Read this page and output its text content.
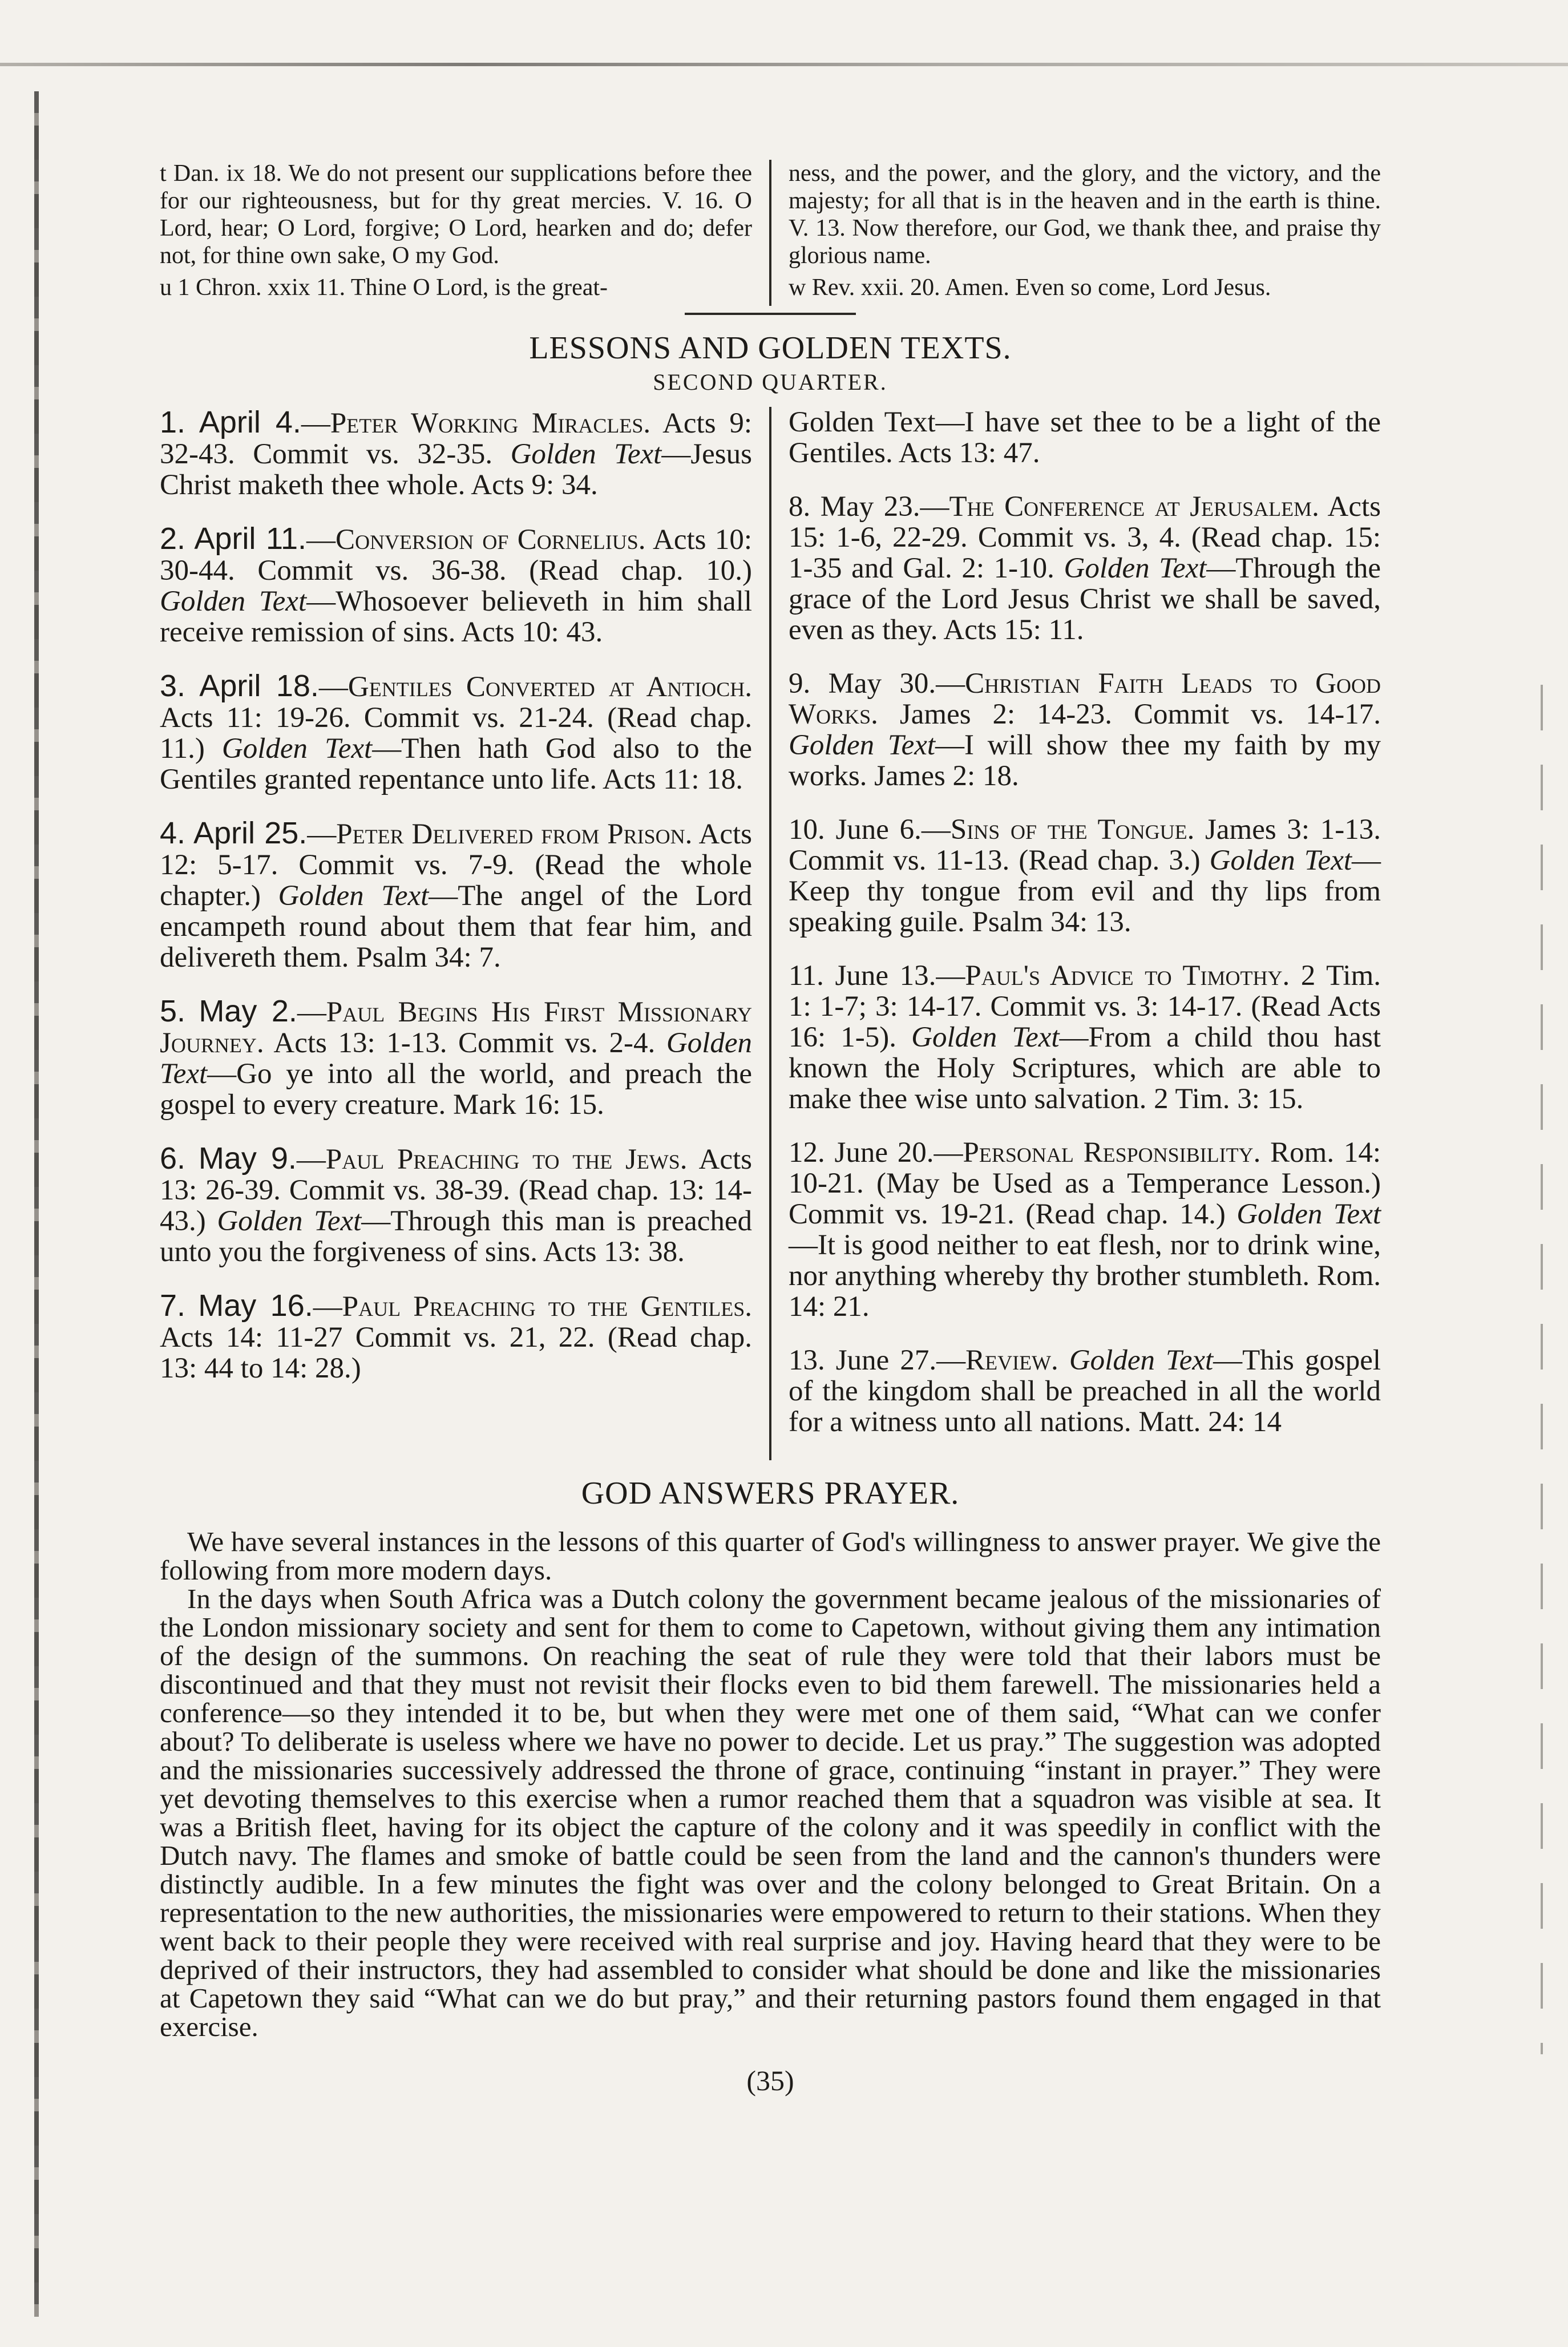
t Dan. ix 18. We do not present our supplications before thee for our righteousness, but for thy great mercies. V. 16. O Lord, hear; O Lord, forgive; O Lord, hearken and do; defer not, for thine own sake, O my God.

u 1 Chron. xxix 11. Thine O Lord, is the great-

ness, and the power, and the glory, and the victory, and the majesty; for all that is in the heaven and in the earth is thine. V. 13. Now therefore, our God, we thank thee, and praise thy glorious name.

w Rev. xxii. 20. Amen. Even so come, Lord Jesus.

LESSONS AND GOLDEN TEXTS.
SECOND QUARTER.
1. April 4.—Peter Working Miracles. Acts 9: 32-43. Commit vs. 32-35. Golden Text—Jesus Christ maketh thee whole. Acts 9: 34.
2. April 11.—Conversion of Cornelius. Acts 10: 30-44. Commit vs. 36-38. (Read chap. 10.) Golden Text—Whosoever believeth in him shall receive remission of sins. Acts 10: 43.
3. April 18.—Gentiles Converted at Antioch. Acts 11: 19-26. Commit vs. 21-24. (Read chap. 11.) Golden Text—Then hath God also to the Gentiles granted repentance unto life. Acts 11: 18.
4. April 25.—Peter Delivered from Prison. Acts 12: 5-17. Commit vs. 7-9. (Read the whole chapter.) Golden Text—The angel of the Lord encampeth round about them that fear him, and delivereth them. Psalm 34: 7.
5. May 2.—Paul Begins His First Missionary Journey. Acts 13: 1-13. Commit vs. 2-4. Golden Text—Go ye into all the world, and preach the gospel to every creature. Mark 16: 15.
6. May 9.—Paul Preaching to the Jews. Acts 13: 26-39. Commit vs. 38-39. (Read chap. 13: 14-43.) Golden Text—Through this man is preached unto you the forgiveness of sins. Acts 13: 38.
7. May 16.—Paul Preaching to the Gentiles. Acts 14: 11-27 Commit vs. 21, 22. (Read chap. 13: 44 to 14: 28.)
Golden Text—I have set thee to be a light of the Gentiles. Acts 13: 47.
8. May 23.—The Conference at Jerusalem. Acts 15: 1-6, 22-29. Commit vs. 3, 4. (Read chap. 15: 1-35 and Gal. 2: 1-10. Golden Text—Through the grace of the Lord Jesus Christ we shall be saved, even as they. Acts 15: 11.
9. May 30.—Christian Faith Leads to Good Works. James 2: 14-23. Commit vs. 14-17. Golden Text—I will show thee my faith by my works. James 2: 18.
10. June 6.—Sins of the Tongue. James 3: 1-13. Commit vs. 11-13. (Read chap. 3.) Golden Text—Keep thy tongue from evil and thy lips from speaking guile. Psalm 34: 13.
11. June 13.—Paul's Advice to Timothy. 2 Tim. 1: 1-7; 3: 14-17. Commit vs. 3: 14-17. (Read Acts 16: 1-5). Golden Text—From a child thou hast known the Holy Scriptures, which are able to make thee wise unto salvation. 2 Tim. 3: 15.
12. June 20.—Personal Responsibility. Rom. 14: 10-21. (May be Used as a Temperance Lesson.) Commit vs. 19-21. (Read chap. 14.) Golden Text—It is good neither to eat flesh, nor to drink wine, nor anything whereby thy brother stumbleth. Rom. 14: 21.
13. June 27.—Review. Golden Text—This gospel of the kingdom shall be preached in all the world for a witness unto all nations. Matt. 24: 14
GOD ANSWERS PRAYER.

We have several instances in the lessons of this quarter of God's willingness to answer prayer. We give the following from more modern days.

In the days when South Africa was a Dutch colony the government became jealous of the missionaries of the London missionary society and sent for them to come to Capetown, without giving them any intimation of the design of the summons. On reaching the seat of rule they were told that their labors must be discontinued and that they must not revisit their flocks even to bid them farewell. The missionaries held a conference—so they intended it to be, but when they were met one of them said, “What can we confer about? To deliberate is useless where we have no power to decide. Let us pray.” The suggestion was adopted and the missionaries successively addressed the throne of grace, continuing “instant in prayer.” They were yet devoting themselves to this exercise when a rumor reached them that a squadron was visible at sea. It was a British fleet, having for its object the capture of the colony and it was speedily in conflict with the Dutch navy. The flames and smoke of battle could be seen from the land and the cannon's thunders were distinctly audible. In a few minutes the fight was over and the colony belonged to Great Britain. On a representation to the new authorities, the missionaries were empowered to return to their stations. When they went back to their people they were received with real surprise and joy. Having heard that they were to be deprived of their instructors, they had assembled to consider what should be done and like the missionaries at Capetown they said “What can we do but pray,” and their returning pastors found them engaged in that exercise.

(35)
